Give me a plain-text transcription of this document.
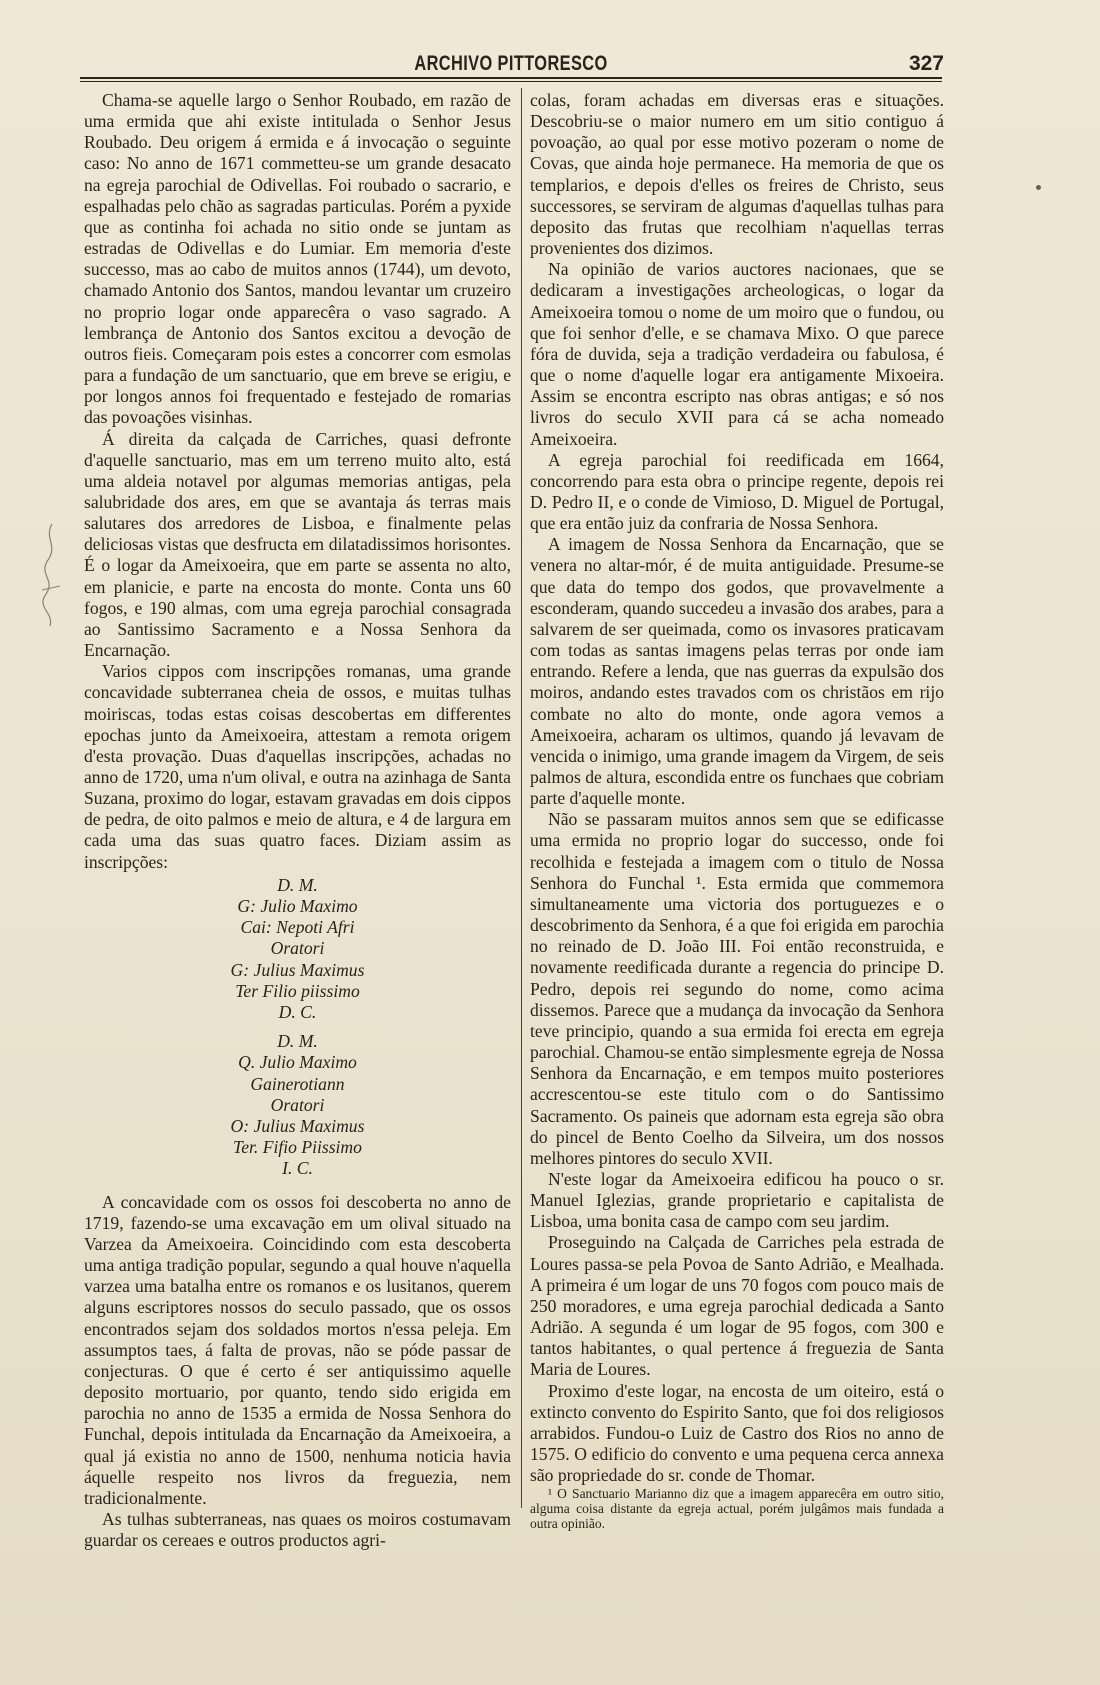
ARCHIVO PITTORESCO	327

Chama-se aquelle largo o Senhor Roubado, em razão de uma ermida que ahi existe intitulada o Senhor Jesus Roubado. Deu origem á ermida e á invocação o seguinte caso: No anno de 1671 commetteu-se um grande desacato na egreja parochial de Odivellas. Foi roubado o sacrario, e espalhadas pelo chão as sagradas particulas. Porém a pyxide que as continha foi achada no sitio onde se juntam as estradas de Odivellas e do Lumiar. Em memoria d'este successo, mas ao cabo de muitos annos (1744), um devoto, chamado Antonio dos Santos, mandou levantar um cruzeiro no proprio logar onde apparecêra o vaso sagrado. A lembrança de Antonio dos Santos excitou a devoção de outros fieis. Começaram pois estes a concorrer com esmolas para a fundação de um sanctuario, que em breve se erigiu, e por longos annos foi frequentado e festejado de romarias das povoações visinhas.

Á direita da calçada de Carriches, quasi defronte d'aquelle sanctuario, mas em um terreno muito alto, está uma aldeia notavel por algumas memorias antigas, pela salubridade dos ares, em que se avantaja ás terras mais salutares dos arredores de Lisboa, e finalmente pelas deliciosas vistas que desfructa em dilatadissimos horisontes. É o logar da Ameixoeira, que em parte se assenta no alto, em planicie, e parte na encosta do monte. Conta uns 60 fogos, e 190 almas, com uma egreja parochial consagrada ao Santissimo Sacramento e a Nossa Senhora da Encarnação.

Varios cippos com inscripções romanas, uma grande concavidade subterranea cheia de ossos, e muitas tulhas moiriscas, todas estas coisas descobertas em differentes epochas junto da Ameixoeira, attestam a remota origem d'esta provação. Duas d'aquellas inscripções, achadas no anno de 1720, uma n'um olival, e outra na azinhaga de Santa Suzana, proximo do logar, estavam gravadas em dois cippos de pedra, de oito palmos e meio de altura, e 4 de largura em cada uma das suas quatro faces. Diziam assim as inscripções:

D. M.
G: Julio Maximo
Cai: Nepoti Afri
Oratori
G: Julius Maximus
Ter Filio piissimo
D. C.
D. M.
Q. Julio Maximo
Gainerotiann
Oratori
O: Julius Maximus
Ter. Fifio Piissimo
I. C.

A concavidade com os ossos foi descoberta no anno de 1719, fazendo-se uma excavação em um olival situado na Varzea da Ameixoeira. Coincidindo com esta descoberta uma antiga tradição popular, segundo a qual houve n'aquella varzea uma batalha entre os romanos e os lusitanos, querem alguns escriptores nossos do seculo passado, que os ossos encontrados sejam dos soldados mortos n'essa peleja. Em assumptos taes, á falta de provas, não se póde passar de conjecturas. O que é certo é ser antiquissimo aquelle deposito mortuario, por quanto, tendo sido erigida em parochia no anno de 1535 a ermida de Nossa Senhora do Funchal, depois intitulada da Encarnação da Ameixoeira, a qual já existia no anno de 1500, nenhuma noticia havia áquelle respeito nos livros da freguezia, nem tradicionalmente.

As tulhas subterraneas, nas quaes os moiros costumavam guardar os cereaes e outros productos agri-

colas, foram achadas em diversas eras e situações. Descobriu-se o maior numero em um sitio contiguo á povoação, ao qual por esse motivo pozeram o nome de Covas, que ainda hoje permanece. Ha memoria de que os templarios, e depois d'elles os freires de Christo, seus successores, se serviram de algumas d'aquellas tulhas para deposito das frutas que recolhiam n'aquellas terras provenientes dos dizimos.

Na opinião de varios auctores nacionaes, que se dedicaram a investigações archeologicas, o logar da Ameixoeira tomou o nome de um moiro que o fundou, ou que foi senhor d'elle, e se chamava Mixo. O que parece fóra de duvida, seja a tradição verdadeira ou fabulosa, é que o nome d'aquelle logar era antigamente Mixoeira. Assim se encontra escripto nas obras antigas; e só nos livros do seculo XVII para cá se acha nomeado Ameixoeira.

A egreja parochial foi reedificada em 1664, concorrendo para esta obra o principe regente, depois rei D. Pedro II, e o conde de Vimioso, D. Miguel de Portugal, que era então juiz da confraria de Nossa Senhora.

A imagem de Nossa Senhora da Encarnação, que se venera no altar-mór, é de muita antiguidade. Presume-se que data do tempo dos godos, que provavelmente a esconderam, quando succedeu a invasão dos arabes, para a salvarem de ser queimada, como os invasores praticavam com todas as santas imagens pelas terras por onde iam entrando. Refere a lenda, que nas guerras da expulsão dos moiros, andando estes travados com os christãos em rijo combate no alto do monte, onde agora vemos a Ameixoeira, acharam os ultimos, quando já levavam de vencida o inimigo, uma grande imagem da Virgem, de seis palmos de altura, escondida entre os funchaes que cobriam parte d'aquelle monte.

Não se passaram muitos annos sem que se edificasse uma ermida no proprio logar do successo, onde foi recolhida e festejada a imagem com o titulo de Nossa Senhora do Funchal ¹. Esta ermida que commemora simultaneamente uma victoria dos portuguezes e o descobrimento da Senhora, é a que foi erigida em parochia no reinado de D. João III. Foi então reconstruida, e novamente reedificada durante a regencia do principe D. Pedro, depois rei segundo do nome, como acima dissemos. Parece que a mudança da invocação da Senhora teve principio, quando a sua ermida foi erecta em egreja parochial. Chamou-se então simplesmente egreja de Nossa Senhora da Encarnação, e em tempos muito posteriores accrescentou-se este titulo com o do Santissimo Sacramento. Os paineis que adornam esta egreja são obra do pincel de Bento Coelho da Silveira, um dos nossos melhores pintores do seculo XVII.

N'este logar da Ameixoeira edificou ha pouco o sr. Manuel Iglezias, grande proprietario e capitalista de Lisboa, uma bonita casa de campo com seu jardim.

Proseguindo na Calçada de Carriches pela estrada de Loures passa-se pela Povoa de Santo Adrião, e Mealhada. A primeira é um logar de uns 70 fogos com pouco mais de 250 moradores, e uma egreja parochial dedicada a Santo Adrião. A segunda é um logar de 95 fogos, com 300 e tantos habitantes, o qual pertence á freguezia de Santa Maria de Loures.

Proximo d'este logar, na encosta de um oiteiro, está o extincto convento do Espirito Santo, que foi dos religiosos arrabidos. Fundou-o Luiz de Castro dos Rios no anno de 1575. O edificio do convento e uma pequena cerca annexa são propriedade do sr. conde de Thomar.

¹ O Sanctuario Marianno diz que a imagem apparecêra em outro sitio, alguma coisa distante da egreja actual, porém julgâmos mais fundada a outra opinião.
